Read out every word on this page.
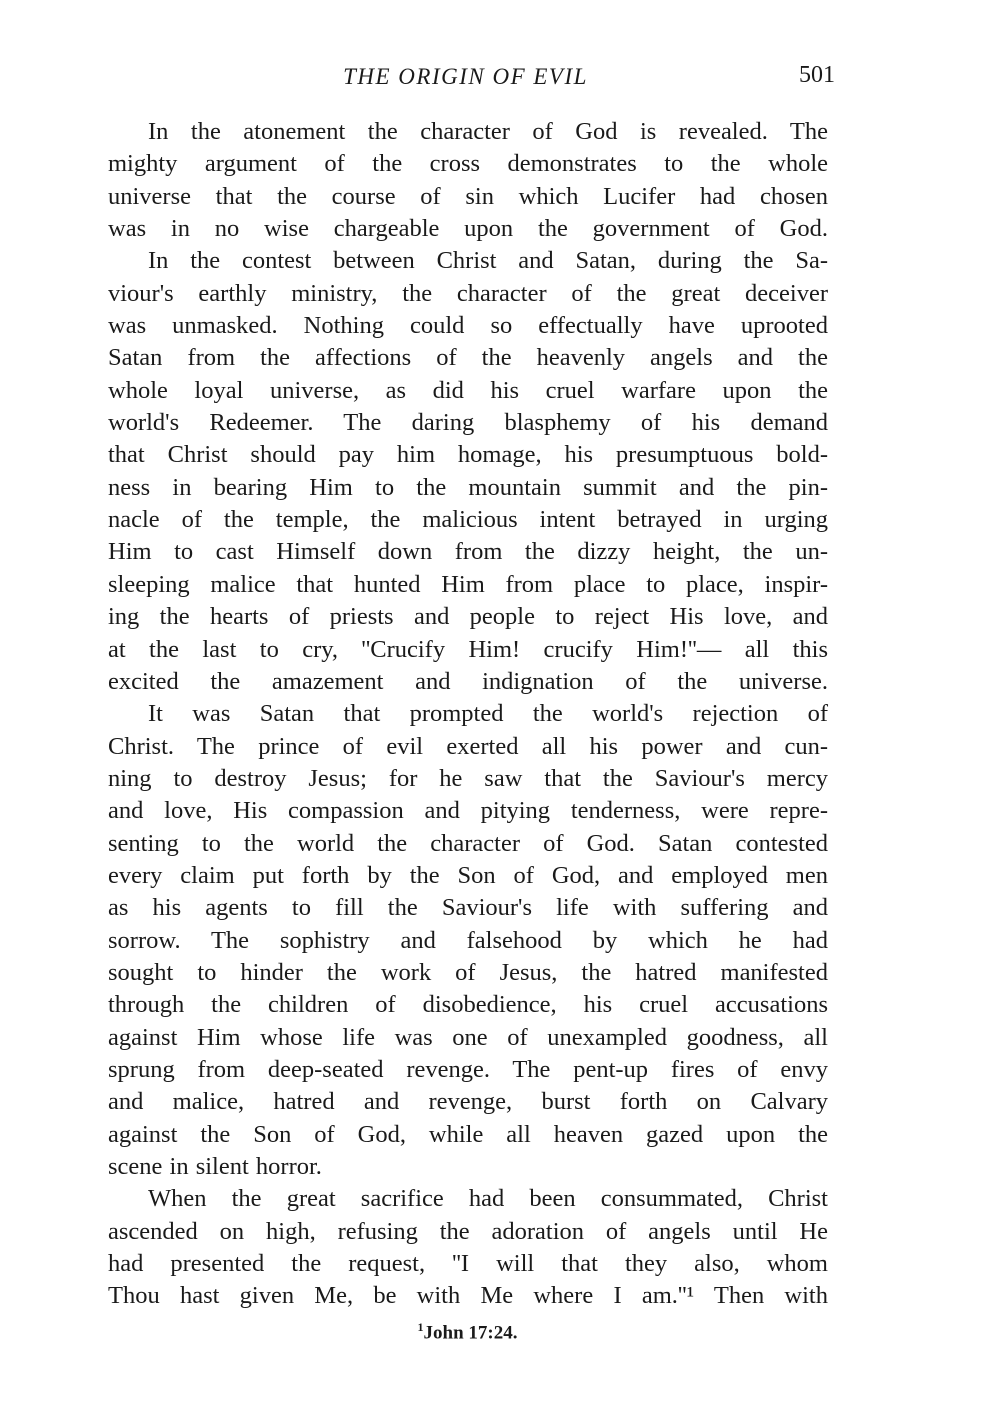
THE ORIGIN OF EVIL	501
In the atonement the character of God is revealed. The
mighty argument of the cross demonstrates to the whole
universe that the course of sin which Lucifer had chosen
was in no wise chargeable upon the government of God.
In the contest between Christ and Satan, during the Sa-
viour's earthly ministry, the character of the great deceiver
was unmasked. Nothing could so effectually have uprooted
Satan from the affections of the heavenly angels and the
whole loyal universe, as did his cruel warfare upon the
world's Redeemer. The daring blasphemy of his demand
that Christ should pay him homage, his presumptuous bold-
ness in bearing Him to the mountain summit and the pin-
nacle of the temple, the malicious intent betrayed in urging
Him to cast Himself down from the dizzy height, the un-
sleeping malice that hunted Him from place to place, inspir-
ing the hearts of priests and people to reject His love, and
at the last to cry, ''Crucify Him! crucify Him!''— all this
excited the amazement and indignation of the universe.
It was Satan that prompted the world's rejection of
Christ. The prince of evil exerted all his power and cun-
ning to destroy Jesus; for he saw that the Saviour's mercy
and love, His compassion and pitying tenderness, were repre-
senting to the world the character of God. Satan contested
every claim put forth by the Son of God, and employed men
as his agents to fill the Saviour's life with suffering and
sorrow. The sophistry and falsehood by which he had
sought to hinder the work of Jesus, the hatred manifested
through the children of disobedience, his cruel accusations
against Him whose life was one of unexampled goodness, all
sprung from deep-seated revenge. The pent-up fires of envy
and malice, hatred and revenge, burst forth on Calvary
against the Son of God, while all heaven gazed upon the
scene in silent horror.
When the great sacrifice had been consummated, Christ
ascended on high, refusing the adoration of angels until He
had presented the request, ''I will that they also, whom
Thou hast given Me, be with Me where I am.''¹ Then with
$^1$John 17:24.
